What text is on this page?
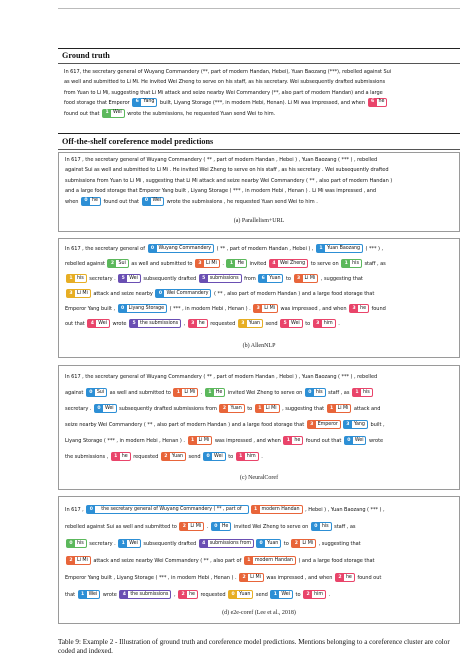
Ground truth
In 617, the secretary general of Wuyang Commandery (**, part of modern Handan, Hebei), Yuan Baozang (***), rebelled against Sui
as well and submitted to Li Mi. He invited Wei Zheng to serve on his staff, as his secretary. Wei subsequently drafted submissions
from Yuan to Li Mi, suggesting that Li Mi attack and seize nearby Wei Commandery (**, also part of modern Handan) and a large
food storage that Emperor 6 Yang built, Liyang Storage (***, in modern Hebi, Henan). Li Mi was impressed, and when 6 he
found out that 1 Wei wrote the submissions, he requested Yuan send Wei to him.
Off-the-shelf coreference model predictions
In 617 , the secretary general of Wuyang Commandery ( ** , part of modern Handan , Hebei ) , Yuan Baozang ( *** ) , rebelled
against Sui as well and submitted to Li Mi . He invited Wei Zheng to serve on his staff , as his secretary . Wei subsequently drafted
submissions from Yuan to Li Mi , suggesting that Li Mi attack and seize nearby Wei Commandery ( ** , also part of modern Handan )
and a large food storage that Emperor Yang built , Liyang Storage ( *** , in modern Hebi , Henan ) . Li Mi was impressed , and
when 0 he found out that 0 Wei wrote the submissions , he requested Yuan send Wei to him .
(a) Parallelism+URL
In 617 , the secretary general of 0 Wuyang Commandery ( ** , part of modern Handan , Hebei ) , 1 Yuan Baozang ( *** ) ,
rebelled against 2 Sui as well and submitted to 3 Li Mi . 1 He invited 4 Wei Zheng to serve on 1 his staff , as
1 his secretary . 5 Wei subsequently drafted 5 submissions from 6 Yuan to 3 Li Mi , suggesting that
3 Li Mi attack and seize nearby 0 Wei Commandery ( ** , also part of modern Handan ) and a large food storage that
Emperor Yang built , 0 Liyang Storage ( *** , in modern Hebi , Henan ) . 3 Li Mi was impressed , and when 3 he found
out that 4 Wei wrote 5 the submissions , 3 he requested 3 Yuan send 5 Wei to 3 him .
(b) AllenNLP
In 617 , the secretary general of Wuyang Commandery ( ** , part of modern Handan , Hebei ) , Yuan Baozang ( *** ) , rebelled
against 0 Sui as well and submitted to 1 Li Mi . 1 He invited Wei Zheng to serve on 0 his staff , as 1 his
secretary . 0 Wei subsequently drafted submissions from 2 Yuan to 1 Li Mi , suggesting that 1 Li Mi attack and
seize nearby Wei Commandery ( ** , also part of modern Handan ) and a large food storage that 3 Emperor	3 Yang built ,
Liyang Storage ( *** , in modern Hebi , Henan ) . 1 Li Mi was impressed , and when 1 he found out that 0 Wei wrote
the submissions , 1 he requested 2 Yuan send 0 Wei to 1 him .
(c) NeuralCoref
In 617 , 0	the secretary general of Wuyang Commandery ( ** , part of	1 modern Handan , Hebei ) , Yuan Baozang ( *** ) ,
rebelled against Sui as well and submitted to 2 Li Mi . 0 He invited Wei Zheng to serve on 0 his staff , as
0 his secretary . 1 Wei subsequently drafted 4 submissions from	0 Yuan to 2 Li Mi , suggesting that
2 Li Mi attack and seize nearby Wei Commandery ( ** , also part of 1 modern Handan ) and a large food storage that
Emperor Yang built , Liyang Storage ( *** , in modern Hebi , Henan ) . 2 Li Mi was impressed , and when 2 he found out
that 1 Wei wrote 4 the submissions , 2 he requested 0 Yuan send 1 Wei to 2 him .
(d) e2e-coref (Lee et al., 2018)
Table 9: Example 2 - Illustration of ground truth and coreference model predictions. Mentions belonging to a coreference cluster are color coded and indexed.
